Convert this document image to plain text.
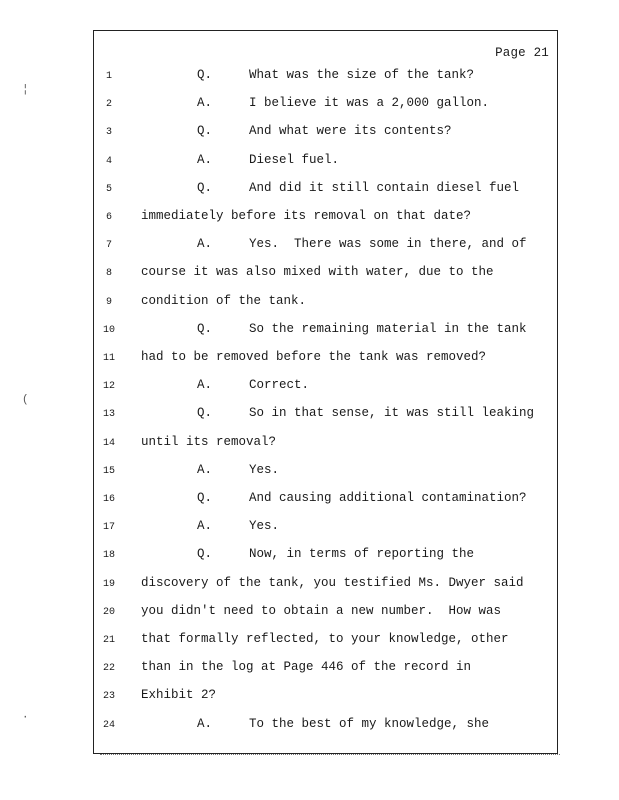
Page 21
1	Q.	What was the size of the tank?
2	A.	I believe it was a 2,000 gallon.
3	Q.	And what were its contents?
4	A.	Diesel fuel.
5	Q.	And did it still contain diesel fuel
6	immediately before its removal on that date?
7	A.	Yes.  There was some in there, and of
8	course it was also mixed with water, due to the
9	condition of the tank.
10	Q.	So the remaining material in the tank
11	had to be removed before the tank was removed?
12	A.	Correct.
13	Q.	So in that sense, it was still leaking
14	until its removal?
15	A.	Yes.
16	Q.	And causing additional contamination?
17	A.	Yes.
18	Q.	Now, in terms of reporting the
19	discovery of the tank, you testified Ms. Dwyer said
20	you didn't need to obtain a new number.  How was
21	that formally reflected, to your knowledge, other
22	than in the log at Page 446 of the record in
23	Exhibit 2?
24	A.	To the best of my knowledge, she
¦
(
·
